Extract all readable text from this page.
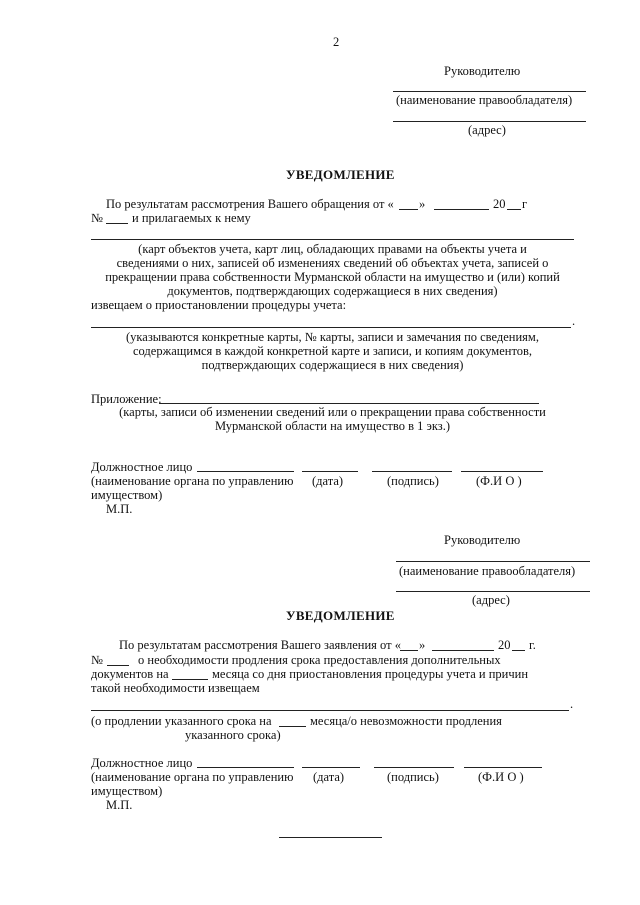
2
Руководителю
(наименование правообладателя)
(адрес)
УВЕДОМЛЕНИЕ
По результатам рассмотрения Вашего обращения от « »	20 г
№ и прилагаемых к нему
(карт объектов учета, карт лиц, обладающих правами на объекты учета и
сведениями о них, записей об изменениях сведений об объектах учета, записей о
прекращении права собственности Мурманской области на имущество и (или) копий
документов, подтверждающих содержащиеся в них сведения)
извещаем о приостановлении процедуры учета:
.
(указываются конкретные карты, № карты, записи и замечания по сведениям,
содержащимся в каждой конкретной карте и записи, и копиям документов,
подтверждающих содержащиеся в них сведения)
Приложение:
(карты, записи об изменении сведений или о прекращении права собственности
Мурманской области на имуществo в 1 экз.)
Должностное лицо
(наименование органа по управлению (дата)	(подпись)	(Ф.И О )
имуществом)
М.П.
Руководителю
(наименование правообладателя)
(адрес)
УВЕДОМЛЕНИЕ
По результатам рассмотрения Вашего заявления от « »	20 г.
№	о необходимости продления срока предоставления дополнительных
документов на	месяца со дня приостановления процедуры учета и причин
такой необходимости извещаем
.
(о продлении указанного срока на	месяца/о невозможности продления
указанного срока)
Должностное лицо
(наименование органа по управлению (дата)	(подпись)	(Ф.И О )
имуществом)
М.П.
